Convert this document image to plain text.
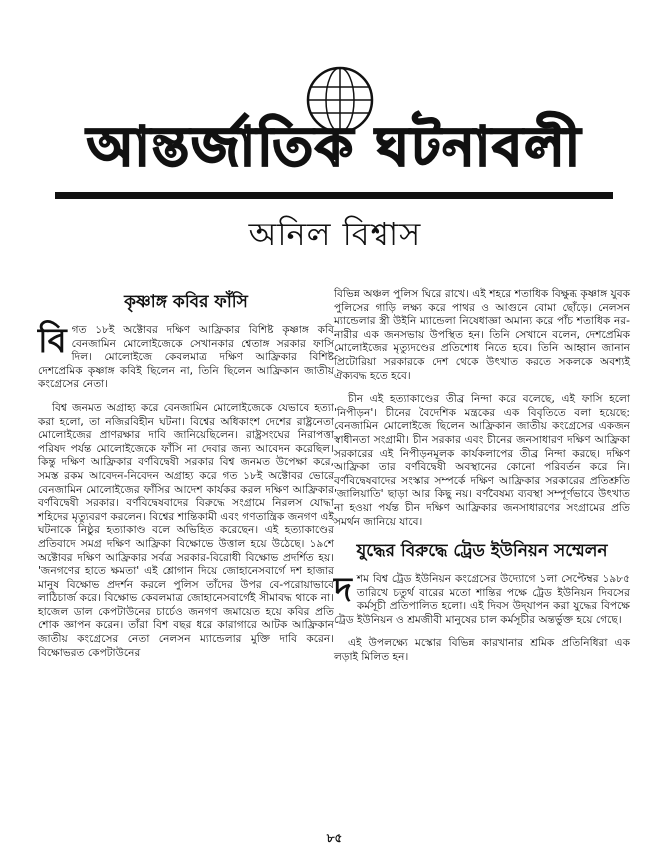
আন্তর্জাতিক ঘটনাবলী
অনিল বিশ্বাস
কৃষ্ণাঙ্গ কবির ফাঁসি

বি গত ১৮ই অক্টোবর দক্ষিণ আফ্রিকার বিশিষ্ট কৃষ্ণাঙ্গ কবি বেনজামিন মোলোইজেকে সেখানকার শ্বেতাঙ্গ সরকার ফাসি দিল। মোলোইজে কেবলমাত্র দক্ষিণ আফ্রিকার বিশিষ্ট দেশপ্রেমিক কৃষ্ণাঙ্গ কবিই ছিলেন না, তিনি ছিলেন আফ্রিকান জাতীয় কংগ্রেসের নেতা।

বিশ্ব জনমত অগ্রাহ্য করে বেনজামিন মোলোইজেকে যেভাবে হত্যা করা হলো, তা নজিরবিহীন ঘটনা। বিশ্বের অধিকাংশ দেশের রাষ্ট্রনেতা মোলোইজের প্রাণরক্ষার দাবি জানিয়েছিলেন। রাষ্ট্রসংঘের নিরাপত্তা পরিষদ পর্যন্ত মোলোইজেকে ফাঁসি না দেবার জন্য আবেদন করেছিল। কিন্তু দক্ষিণ আফ্রিকার বর্ণবিদ্বেষী সরকার বিশ্ব জনমত উপেক্ষা করে, সমস্ত রকম আবেদন-নিবেদন অগ্রাহ্য করে গত ১৮ই অক্টোবর ভোরে বেনজামিন মোলোইজের ফাঁসির আদেশ কার্যকর করল দক্ষিণ আফ্রিকার বর্ণবিদ্বেষী সরকার। বর্ণবিদ্বেষবাদের বিরুদ্ধে সংগ্রামে নিরলস যোদ্ধা শহিদের মৃত্যুবরণ করলেন। বিশ্বের শান্তিকামী এবং গণতান্ত্রিক জনগণ এই ঘটনাকে নিষ্ঠুর হত্যাকাণ্ড বলে অভিহিত করেছেন। এই হত্যাকাণ্ডের প্রতিবাদে সমগ্র দক্ষিণ আফ্রিকা বিক্ষোভে উত্তাল হয়ে উঠেছে। ১৯শে অক্টোবর দক্ষিণ আফ্রিকার সর্বত্র সরকার-বিরোধী বিক্ষোভ প্রদর্শিত হয়। 'জনগণের হাতে ক্ষমতা' এই শ্লোগান দিয়ে জোহানেসবার্গে দশ হাজার মানুষ বিক্ষোভ প্রদর্শন করলে পুলিস তাঁদের উপর বে-পরোয়াভাবে লাঠিচার্জ করে। বিক্ষোভ কেবলমাত্র জোহানেসবার্গেই সীমাবদ্ধ থাকে না। হাজেল ডাল কেপটাউনের চার্চেও জনগণ জমায়েত হয়ে কবির প্রতি শোক জ্ঞাপন করেন। তাঁরা বিশ বছর ধরে কারাগারে আটক আফ্রিকান জাতীয় কংগ্রেসের নেতা নেলসন ম্যান্ডেলার মুক্তি দাবি করেন। বিক্ষোভরত কেপটাউনের

বিভিন্ন অঞ্চল পুলিস ঘিরে রাখে। এই শহরে শতাধিক বিক্ষুব্ধ কৃষ্ণাঙ্গ যুবক পুলিসের গাড়ি লক্ষ্য করে পাথর ও আগুনে বোমা ছোঁড়ে। নেলসন ম্যান্ডেলার স্ত্রী উইনি ম্যান্ডেলা নিষেধাজ্ঞা অমান্য করে পাঁচ শতাধিক নর-নারীর এক জনসভায় উপস্থিত হন। তিনি সেখানে বলেন, দেশপ্রেমিক মোলোইজের মৃত্যুদণ্ডের প্রতিশোধ নিতে হবে। তিনি আহ্বান জানান প্রিটোরিয়া সরকারকে দেশ থেকে উৎখাত করতে সকলকে অবশ্যই ঐক্যবদ্ধ হতে হবে।

চীন এই হত্যাকাণ্ডের তীব্র নিন্দা করে বলেছে, এই ফাসি হলো 'নিপীড়ন'। চীনের বৈদেশিক মন্ত্রকের এক বিবৃতিতে বলা হয়েছে: বেনজামিন মোলোইজে ছিলেন আফ্রিকান জাতীয় কংগ্রেসের একজন স্বাধীনতা সংগ্রামী। চীন সরকার এবং চীনের জনসাধারণ দক্ষিণ আফ্রিকা সরকারের এই নিপীড়নমূলক কার্যকলাপের তীব্র নিন্দা করছে। দক্ষিণ আফ্রিকা তার বর্ণবিদ্বেষী অবস্থানের কোনো পরিবর্তন করে নি। বর্ণবিদ্বেষবাদের সংস্কার সম্পর্কে দক্ষিণ আফ্রিকার সরকারের প্রতিশ্রুতি 'জালিয়াতি' ছাড়া আর কিছু নয়। বর্ণবৈষম্য ব্যবস্থা সম্পূর্ণভাবে উৎখাত না হওয়া পর্যন্ত চীন দক্ষিণ আফ্রিকার জনসাধারণের সংগ্রামের প্রতি সমর্থন জানিয়ে যাবে।

যুদ্ধের বিরুদ্ধে ট্রেড ইউনিয়ন সম্মেলন

দ শম বিশ্ব ট্রেড ইউনিয়ন কংগ্রেসের উদ্যোগে ১লা সেপ্টেম্বর ১৯৮৫ তারিখে চতুর্থ বারের মতো শান্তির পক্ষে ট্রেড ইউনিয়ন দিবসের কর্মসূচী প্রতিপালিত হলো। এই দিবস উদ্‌যাপন করা যুদ্ধের বিপক্ষে ট্রেড ইউনিয়ন ও শ্রমজীবী মানুষের চাল কর্মসূচীর অন্তর্ভুক্ত হয়ে গেছে।

এই উপলক্ষ্যে মস্কোর বিভিন্ন কারখানার শ্রমিক প্রতিনিধিরা এক লড়াই মিলিত হন।

৮৫
